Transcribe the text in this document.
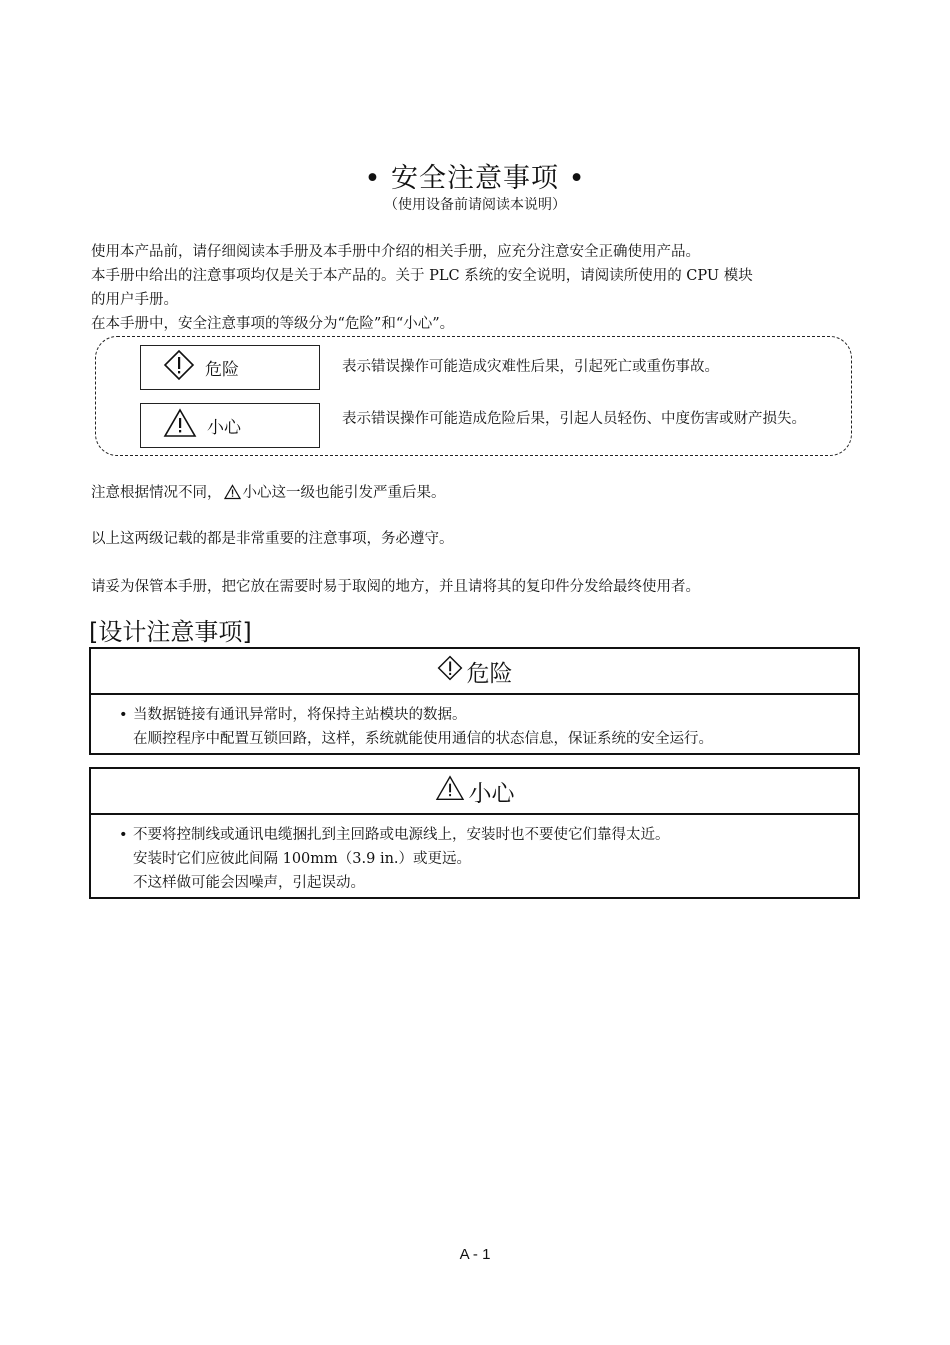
• 安全注意事项 •
（使用设备前请阅读本说明）
使用本产品前，请仔细阅读本手册及本手册中介绍的相关手册，应充分注意安全正确使用产品。
本手册中给出的注意事项均仅是关于本产品的。关于 PLC 系统的安全说明，请阅读所使用的 CPU 模块
的用户手册。
在本手册中，安全注意事项的等级分为“危险”和“小心”。
危险	表示错误操作可能造成灾难性后果，引起死亡或重伤事故。
小心	表示错误操作可能造成危险后果，引起人员轻伤、中度伤害或财产损失。
注意根据情况不同， 小心这一级也能引发严重后果。
以上这两级记载的都是非常重要的注意事项，务必遵守。
请妥为保管本手册，把它放在需要时易于取阅的地方，并且请将其的复印件分发给最终使用者。
[设计注意事项]
危险
• 当数据链接有通讯异常时，将保持主站模块的数据。
在顺控程序中配置互锁回路，这样，系统就能使用通信的状态信息，保证系统的安全运行。
小心
• 不要将控制线或通讯电缆捆扎到主回路或电源线上，安装时也不要使它们靠得太近。
安装时它们应彼此间隔 100mm（3.9 in.）或更远。
不这样做可能会因噪声，引起误动。
A - 1
